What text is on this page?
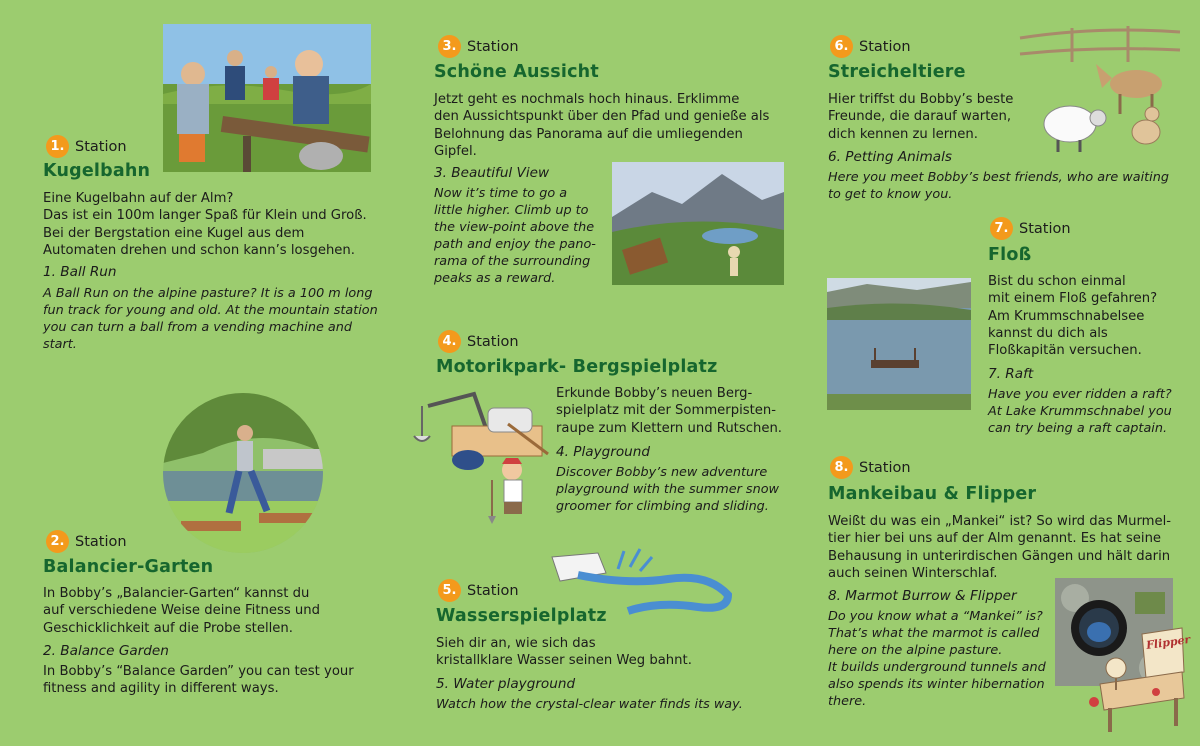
1. Station
Kugelbahn
Eine Kugelbahn auf der Alm?
Das ist ein 100m langer Spaß für Klein und Groß.
Bei der Bergstation eine Kugel aus dem
Automaten drehen und schon kann’s losgehen.
1. Ball Run
A Ball Run on the alpine pasture? It is a 100 m long
fun track for young and old. At the mountain station
you can turn a ball from a vending machine and
start.
2. Station
Balancier-Garten
In Bobby’s „Balancier-Garten“ kannst du
auf verschiedene Weise deine Fitness und
Geschicklichkeit auf die Probe stellen.
2. Balance Garden
In Bobby’s “Balance Garden” you can test your
fitness and agility in different ways.
3. Station
Schöne Aussicht
Jetzt geht es nochmals hoch hinaus. Erklimme
den Aussichtspunkt über den Pfad und genieße als
Belohnung das Panorama auf die umliegenden
Gipfel.
3. Beautiful View
Now it’s time to go a
little higher. Climb up to
the view-point above the
path and enjoy the pano-
rama of the surrounding
peaks as a reward.
4. Station
Motorikpark- Bergspielplatz
Erkunde Bobby’s neuen Berg-
spielplatz mit der Sommerpisten-
raupe zum Klettern und Rutschen.
4. Playground
Discover Bobby’s new adventure
playground with the summer snow
groomer for climbing and sliding.
5. Station
Wasserspielplatz
Sieh dir an, wie sich das
kristallklare Wasser seinen Weg bahnt.
5. Water playground
Watch how the crystal-clear water finds its way.
6. Station
Streicheltiere
Hier triffst du Bobby’s beste
Freunde, die darauf warten,
dich kennen zu lernen.
6. Petting Animals
Here you meet Bobby’s best friends, who are waiting
to get to know you.
7. Station
Floß
Bist du schon einmal
mit einem Floß gefahren?
Am Krummschnabelsee
kannst du dich als
Floßkapitän versuchen.
7. Raft
Have you ever ridden a raft?
At Lake Krummschnabel you
can try being a raft captain.
8. Station
Mankeibau & Flipper
Weißt du was ein „Mankei“ ist? So wird das Murmel-
tier hier bei uns auf der Alm genannt. Es hat seine
Behausung in unterirdischen Gängen und hält darin
auch seinen Winterschlaf.
8. Marmot Burrow & Flipper
Do you know what a “Mankei” is?
That’s what the marmot is called
here on the alpine pasture.
It builds underground tunnels and
also spends its winter hibernation
there.
Flipper
